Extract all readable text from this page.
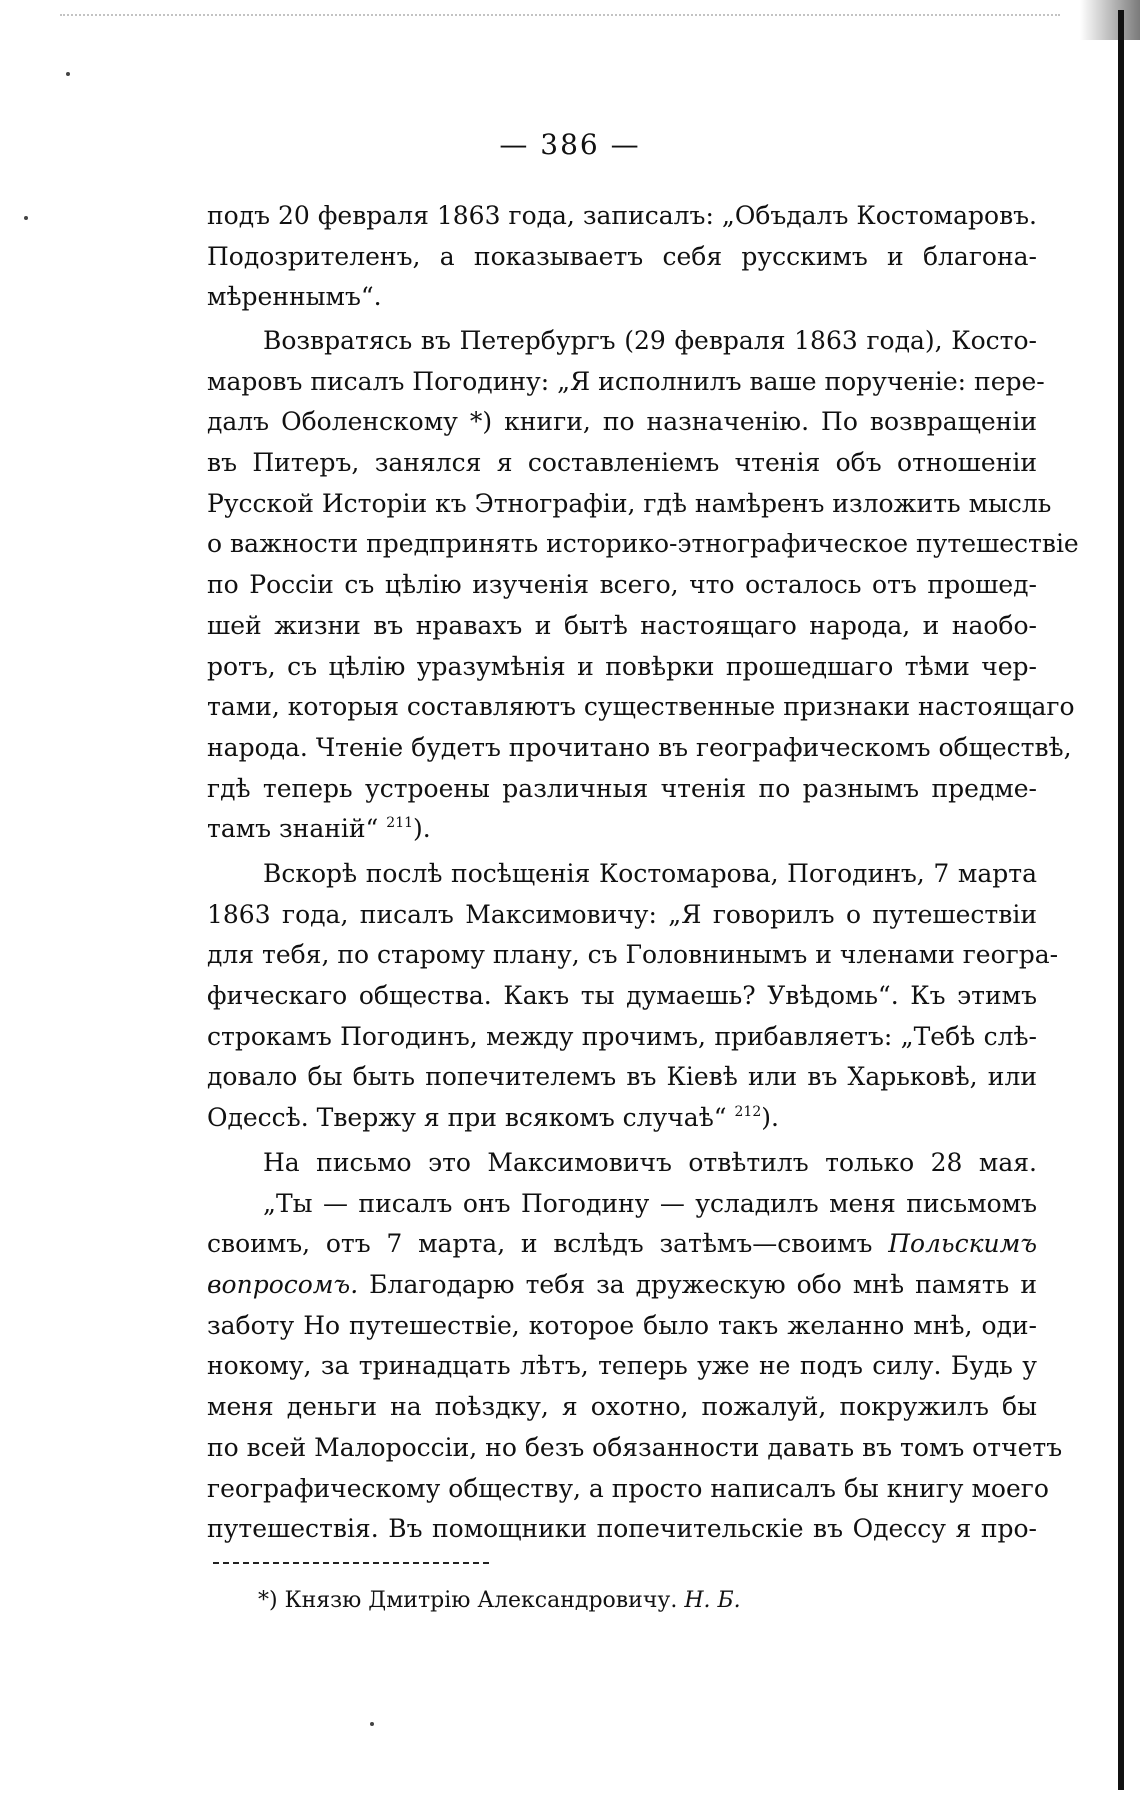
— 386 —
подъ 20 февраля 1863 года, записалъ: „Объдалъ Костомаровъ.
Подозрителенъ, а показываетъ себя русскимъ и благона-
мѣреннымъ“.
Возвратясь въ Петербургъ (29 февраля 1863 года), Косто-
маровъ писалъ Погодину: „Я исполнилъ ваше порученіе: пере-
далъ Оболенскому *) книги, по назначенію. По возвращеніи
въ Питеръ, занялся я составленіемъ чтенія объ отношеніи
Русской Исторіи къ Этнографіи, гдѣ намѣренъ изложить мысль
о важности предпринять историко-этнографическое путешествіе
по Россіи съ цѣлію изученія всего, что осталось отъ прошед-
шей жизни въ нравахъ и бытѣ настоящаго народа, и наобо-
ротъ, съ цѣлію уразумѣнія и повѣрки прошедшаго тѣми чер-
тами, которыя составляютъ существенные признаки настоящаго
народа. Чтеніе будетъ прочитано въ географическомъ обществѣ,
гдѣ теперь устроены различныя чтенія по разнымъ предме-
тамъ знаній“ $^{211}$).
Вскорѣ послѣ посѣщенія Костомарова, Погодинъ, 7 марта
1863 года, писалъ Максимовичу: „Я говорилъ о путешествіи
для тебя, по старому плану, съ Головнинымъ и членами геогра-
фическаго общества. Какъ ты думаешь? Увѣдомь“. Къ этимъ
строкамъ Погодинъ, между прочимъ, прибавляетъ: „Тебѣ слѣ-
довало бы быть попечителемъ въ Кіевѣ или въ Харьковѣ, или
Одессѣ. Твержу я при всякомъ случаѣ“ $^{212}$).
На письмо это Максимовичъ отвѣтилъ только 28 мая.
„Ты — писалъ онъ Погодину — усладилъ меня письмомъ
своимъ, отъ 7 марта, и вслѣдъ затѣмъ—своимъ Польскимъ
вопросомъ. Благодарю тебя за дружескую обо мнѣ память и
заботу Но путешествіе, которое было такъ желанно мнѣ, оди-
нокому, за тринадцать лѣтъ, теперь уже не подъ силу. Будь у
меня деньги на поѣздку, я охотно, пожалуй, покружилъ бы
по всей Малороссіи, но безъ обязанности давать въ томъ отчетъ
географическому обществу, а просто написалъ бы книгу моего
путешествія. Въ помощники попечительскіе въ Одессу я про-
*) Князю Дмитрію Александровичу. Н. Б.
